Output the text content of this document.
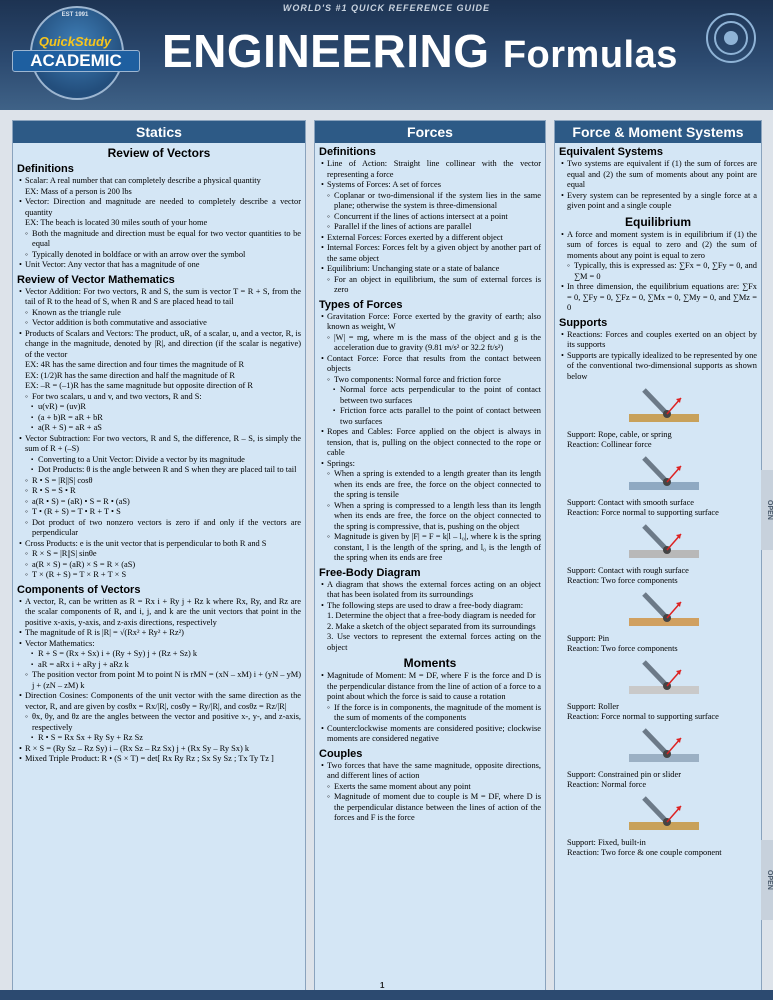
WORLD'S #1 QUICK REFERENCE GUIDE
EST 1991
QuickStudy
ACADEMIC ENGINEERING Formulas
Statics
Review of Vectors
Definitions
• Scalar: A real number that can completely describe a physical quantity
EX: Mass of a person is 200 lbs
• Vector: Direction and magnitude are needed to completely describe a vector quantity
EX: The beach is located 30 miles south of your home
◦ Both the magnitude and direction must be equal for two vector quantities to be equal
◦ Typically denoted in boldface or with an arrow over the symbol
• Unit Vector: Any vector that has a magnitude of one
Review of Vector Mathematics
• Vector Addition: For two vectors, R and S, the sum is vector T = R + S, from the tail of R to the head of S, when R and S are placed head to tail
◦ Known as the triangle rule
◦ Vector addition is both commutative and associative
• Products of Scalars and Vectors: The product, uR, of a scalar, u, and a vector, R, is change in the magnitude, denoted by |R|, and direction (if the scalar is negative) of the vector
EX: 4R has the same direction and four times the magnitude of R
EX: (1/2)R has the same direction and half the magnitude of R
EX: –R = (–1)R has the same magnitude but opposite direction of R
◦ For two scalars, u and v, and two vectors, R and S:
▪ u(vR) = (uv)R
▪ (a + b)R = aR + bR
▪ a(R + S) = aR + aS
• Vector Subtraction: For two vectors, R and S, the difference, R – S, is simply the sum of R + (–S)
▪ Converting to a Unit Vector: Divide a vector by its magnitude
▪ Dot Products: θ is the angle between R and S when they are placed tail to tail
◦ R • S = |R||S| cosθ
◦ R • S = S • R
◦ a(R • S) = (aR) • S = R • (aS)
◦ T • (R + S) = T • R + T • S
◦ Dot product of two nonzero vectors is zero if and only if the vectors are perpendicular
• Cross Products: e is the unit vector that is perpendicular to both R and S
◦ R × S = |R||S| sinθe
◦ a(R × S) = (aR) × S = R × (aS)
◦ T × (R + S) = T × R + T × S
Components of Vectors
• A vector, R, can be written as R = Rx i + Ry j + Rz k where Rx, Ry, and Rz are the scalar components of R, and i, j, and k are the unit vectors that point in the positive x-axis, y-axis, and z-axis directions, respectively
• The magnitude of R is |R| = √(Rx² + Ry² + Rz²)
• Vector Mathematics:
▪ R + S = (Rx + Sx) i + (Ry + Sy) j + (Rz + Sz) k
▪ aR = aRx i + aRy j + aRz k
◦ The position vector from point M to point N is rMN = (xN – xM) i + (yN – yM) j + (zN – zM) k
• Direction Cosines: Components of the unit vector with the same direction as the vector, R, and are given by cosθx = Rx/|R|, cosθy = Ry/|R|, and cosθz = Rz/|R|
◦ θx, θy, and θz are the angles between the vector and positive x-, y-, and z-axis, respectively
▪ R • S = Rx Sx + Ry Sy + Rz Sz
• R × S = (Ry Sz – Rz Sy) i – (Rx Sz – Rz Sx) j + (Rx Sy – Ry Sx) k
• Mixed Triple Product: R • (S × T) = det[ Rx Ry Rz ; Sx Sy Sz ; Tx Ty Tz ]
Forces
Definitions
• Line of Action: Straight line collinear with the vector representing a force
• Systems of Forces: A set of forces
◦ Coplanar or two-dimensional if the system lies in the same plane; otherwise the system is three-dimensional
◦ Concurrent if the lines of actions intersect at a point
◦ Parallel if the lines of actions are parallel
• External Forces: Forces exerted by a different object
• Internal Forces: Forces felt by a given object by another part of the same object
• Equilibrium: Unchanging state or a state of balance
◦ For an object in equilibrium, the sum of external forces is zero
Types of Forces
• Gravitation Force: Force exerted by the gravity of earth; also known as weight, W
◦ |W| = mg, where m is the mass of the object and g is the acceleration due to gravity (9.81 m/s² or 32.2 ft/s²)
• Contact Force: Force that results from the contact between objects
◦ Two components: Normal force and friction force
▪ Normal force acts perpendicular to the point of contact between two surfaces
▪ Friction force acts parallel to the point of contact between two surfaces
• Ropes and Cables: Force applied on the object is always in tension, that is, pulling on the object connected to the rope or cable
• Springs:
◦ When a spring is extended to a length greater than its length when its ends are free, the force on the object connected to the spring is tensile
◦ When a spring is compressed to a length less than its length when its ends are free, the force on the object connected to the spring is compressive, that is, pushing on the object
◦ Magnitude is given by |F| = F = k|l – l₀|, where k is the spring constant, l is the length of the spring, and l₀ is the length of the spring when its ends are free
Free-Body Diagram
• A diagram that shows the external forces acting on an object that has been isolated from its surroundings
• The following steps are used to draw a free-body diagram:
1. Determine the object that a free-body diagram is needed for
2. Make a sketch of the object separated from its surroundings
3. Use vectors to represent the external forces acting on the object
Moments
• Magnitude of Moment: M = DF, where F is the force and D is the perpendicular distance from the line of action of a force to a point about which the force is said to cause a rotation
◦ If the force is in components, the magnitude of the moment is the sum of moments of the components
• Counterclockwise moments are considered positive; clockwise moments are considered negative
Couples
• Two forces that have the same magnitude, opposite directions, and different lines of action
◦ Exerts the same moment about any point
◦ Magnitude of moment due to couple is M = DF, where D is the perpendicular distance between the lines of action of the forces and F is the force
Force & Moment Systems
Equivalent Systems
• Two systems are equivalent if (1) the sum of forces are equal and (2) the sum of moments about any point are equal
• Every system can be represented by a single force at a given point and a single couple
Equilibrium
• A force and moment system is in equilibrium if (1) the sum of forces is equal to zero and (2) the sum of moments about any point is equal to zero
◦ Typically, this is expressed as: ∑Fx = 0, ∑Fy = 0, and ∑M = 0
• In three dimension, the equilibrium equations are: ∑Fx = 0, ∑Fy = 0, ∑Fz = 0, ∑Mx = 0, ∑My = 0, and ∑Mz = 0
Supports
• Reactions: Forces and couples exerted on an object by its supports
• Supports are typically idealized to be represented by one of the conventional two-dimensional supports as shown below
Support: Rope, cable, or spring
Reaction: Collinear force
Support: Contact with smooth surface
Reaction: Force normal to supporting surface
Support: Contact with rough surface
Reaction: Two force components
Support: Pin
Reaction: Two force components
Support: Roller
Reaction: Force normal to supporting surface
Support: Constrained pin or slider
Reaction: Normal force
Support: Fixed, built-in
Reaction: Two force & one couple component
OPEN
OPEN
1
